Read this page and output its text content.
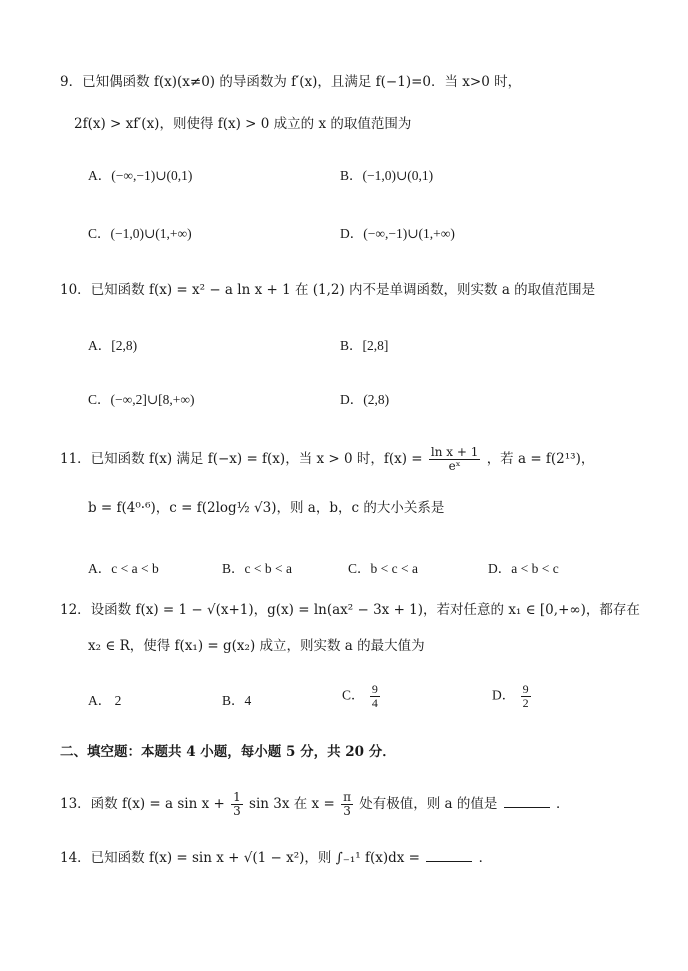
9．已知偶函数 f(x)(x≠0) 的导函数为 f′(x)，且满足 f(−1)=0．当 x>0 时，
2f(x) > xf′(x)，则使得 f(x) > 0 成立的 x 的取值范围为
A．(−∞,−1)∪(0,1)	B．(−1,0)∪(0,1)
C．(−1,0)∪(1,+∞)	D．(−∞,−1)∪(1,+∞)
10．已知函数 f(x) = x² − a ln x + 1 在 (1,2) 内不是单调函数，则实数 a 的取值范围是
A．[2,8)	B．[2,8]
C．(−∞,2]∪[8,+∞)	D．(2,8)
11．已知函数 f(x) 满足 f(−x) = f(x)，当 x > 0 时，$f(x) = \frac{\text{ln x + 1}}{\text{eˣ}}$ ，若 a = f(2¹³)，
b = f(4⁰·⁶)，c = f(2log½ √3)，则 a，b，c 的大小关系是
A．c < a < b	B．c < b < a	C．b < c < a	D．a < b < c
12．设函数 f(x) = 1 − √(x+1)，g(x) = ln(ax² − 3x + 1)，若对任意的 x₁ ∈ [0,+∞)，都存在
x₂ ∈ R，使得 f(x₁) = g(x₂) 成立，则实数 a 的最大值为
A． 2	B．4	C． $\frac{9}{4}$	D． $\frac{9}{2}$
二、填空题：本题共 4 小题，每小题 5 分，共 20 分．
13．函数 f(x) = a $\sin x + \frac{1}{3}$ sin 3x 在 $x = \frac{\pi}{3}$ 处有极值，则 a 的值是	．
14．已知函数 f(x) = sin x + √(1 − x²)，则 ∫₋₁¹ f(x)dx =	．
